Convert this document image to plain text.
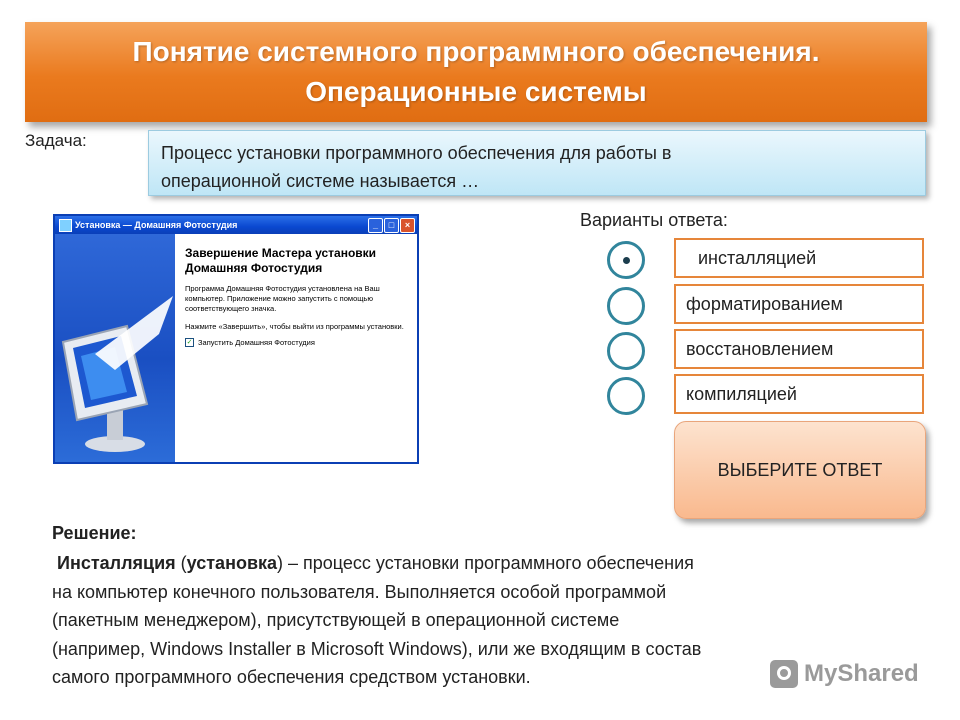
Понятие системного программного обеспечения.
Операционные системы
Задача:
Процесс установки программного обеспечения для работы в
операционной системе называется …
Установка — Домашняя Фотостудия	_	□	×
Завершение Мастера установки
Домашняя Фотостудия
Программа Домашняя Фотостудия установлена на Ваш компьютер. Приложение можно запустить с помощью соответствующего значка.
Нажмите «Завершить», чтобы выйти из программы установки.
✓ Запустить Домашняя Фотостудия
Варианты ответа:
инсталляцией
форматированием
восстановлением
компиляцией
ВЫБЕРИТЕ ОТВЕТ
Решение:
Инсталляция (установка) – процесс установки программного обеспечения
на компьютер конечного пользователя. Выполняется особой программой
(пакетным менеджером), присутствующей в операционной системе
(например, Windows Installer в Microsoft Windows), или же входящим в состав
самого программного обеспечения средством установки.	MyShared
